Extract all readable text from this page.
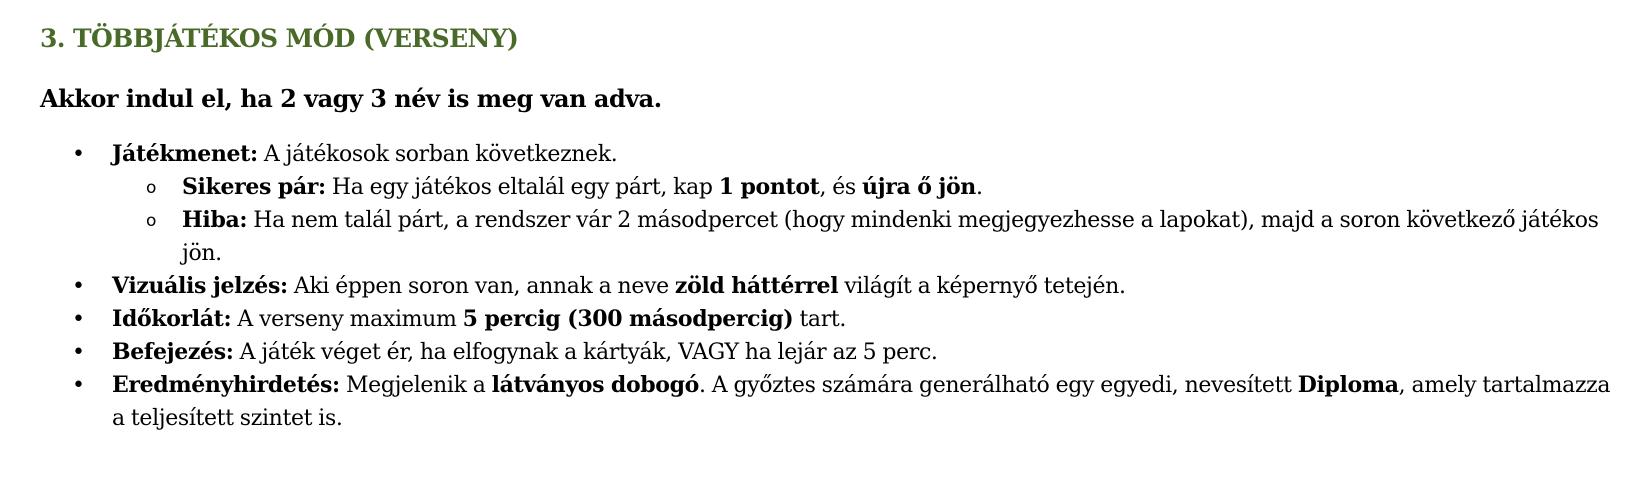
3. TÖBBJÁTÉKOS MÓD (VERSENY)

Akkor indul el, ha 2 vagy 3 név is meg van adva.

• Játékmenet: A játékosok sorban következnek.
o Sikeres pár: Ha egy játékos eltalál egy párt, kap 1 pontot, és újra ő jön.
o Hiba: Ha nem talál párt, a rendszer vár 2 másodpercet (hogy mindenki megjegyezhesse a lapokat), majd a soron következő játékos jön.
• Vizuális jelzés: Aki éppen soron van, annak a neve zöld háttérrel világít a képernyő tetején.
• Időkorlát: A verseny maximum 5 percig (300 másodpercig) tart.
• Befejezés: A játék véget ér, ha elfogynak a kártyák, VAGY ha lejár az 5 perc.
• Eredményhirdetés: Megjelenik a látványos dobogó. A győztes számára generálható egy egyedi, nevesített Diploma, amely tartalmazza a teljesített szintet is.
